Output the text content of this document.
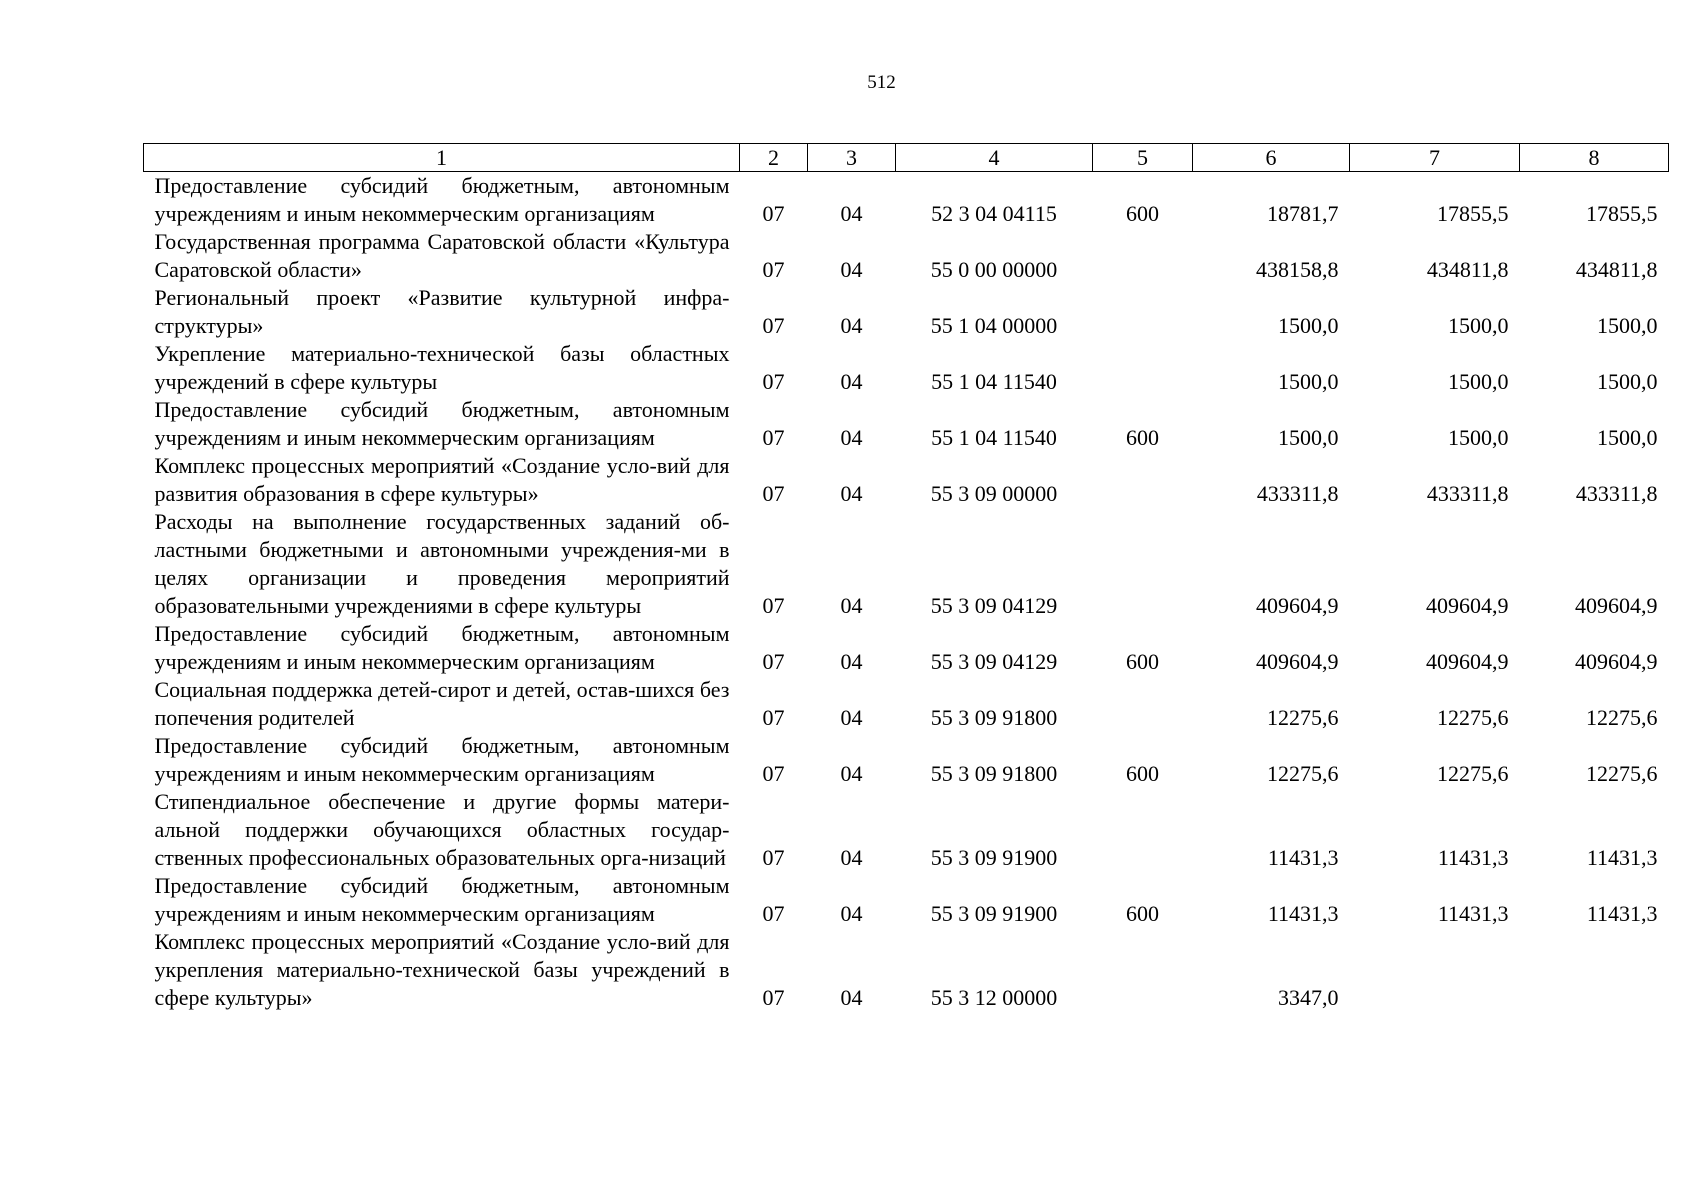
512
1	2	3	4	5	6	7	8
Предоставление субсидий бюджетным, автономным учреждениям и иным некоммерческим организациям	07	04	52 3 04 04115	600	18781,7	17855,5	17855,5
Государственная программа Саратовской области «Культура Саратовской области»	07	04	55 0 00 00000		438158,8	434811,8	434811,8
Региональный проект «Развитие культурной инфра-структуры»	07	04	55 1 04 00000		1500,0	1500,0	1500,0
Укрепление материально-технической базы областных учреждений в сфере культуры	07	04	55 1 04 11540		1500,0	1500,0	1500,0
Предоставление субсидий бюджетным, автономным учреждениям и иным некоммерческим организациям	07	04	55 1 04 11540	600	1500,0	1500,0	1500,0
Комплекс процессных мероприятий «Создание усло-вий для развития образования в сфере культуры»	07	04	55 3 09 00000		433311,8	433311,8	433311,8
Расходы на выполнение государственных заданий об-ластными бюджетными и автономными учреждения-ми в целях организации и проведения мероприятий образовательными учреждениями в сфере культуры	07	04	55 3 09 04129		409604,9	409604,9	409604,9
Предоставление субсидий бюджетным, автономным учреждениям и иным некоммерческим организациям	07	04	55 3 09 04129	600	409604,9	409604,9	409604,9
Социальная поддержка детей-сирот и детей, остав-шихся без попечения родителей	07	04	55 3 09 91800		12275,6	12275,6	12275,6
Предоставление субсидий бюджетным, автономным учреждениям и иным некоммерческим организациям	07	04	55 3 09 91800	600	12275,6	12275,6	12275,6
Стипендиальное обеспечение и другие формы матери-альной поддержки обучающихся областных государ-ственных профессиональных образовательных орга-низаций	07	04	55 3 09 91900		11431,3	11431,3	11431,3
Предоставление субсидий бюджетным, автономным учреждениям и иным некоммерческим организациям	07	04	55 3 09 91900	600	11431,3	11431,3	11431,3
Комплекс процессных мероприятий «Создание усло-вий для укрепления материально-технической базы учреждений в сфере культуры»	07	04	55 3 12 00000		3347,0		
